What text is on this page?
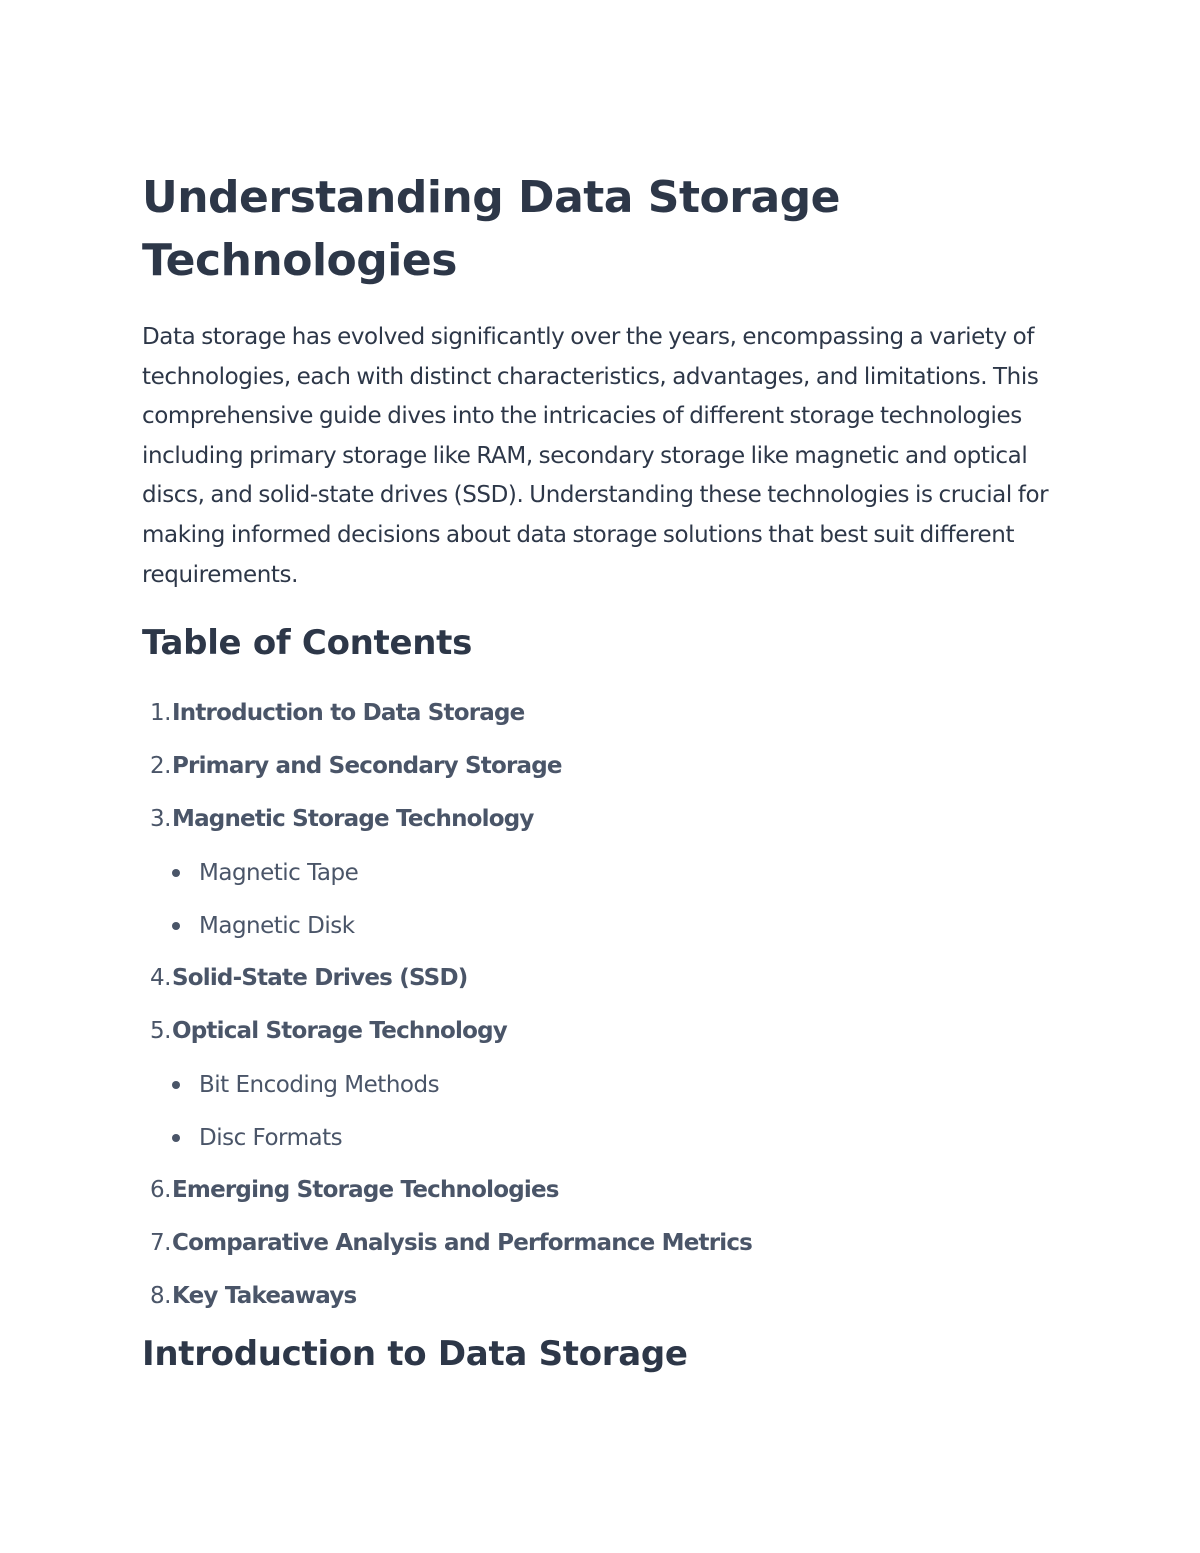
Understanding Data Storage Technologies

Data storage has evolved significantly over the years, encompassing a variety of technologies, each with distinct characteristics, advantages, and limitations. This comprehensive guide dives into the intricacies of different storage technologies including primary storage like RAM, secondary storage like magnetic and optical discs, and solid-state drives (SSD). Understanding these technologies is crucial for making informed decisions about data storage solutions that best suit different requirements.

Table of Contents
1. Introduction to Data Storage
2. Primary and Secondary Storage
3. Magnetic Storage Technology
Magnetic Tape
Magnetic Disk
4. Solid-State Drives (SSD)
5. Optical Storage Technology
Bit Encoding Methods
Disc Formats
6. Emerging Storage Technologies
7. Comparative Analysis and Performance Metrics
8. Key Takeaways
Introduction to Data Storage
